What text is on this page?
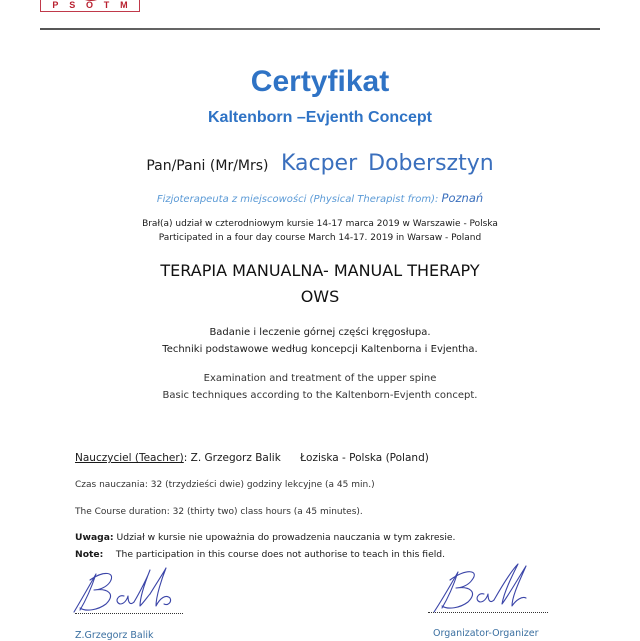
P S O T M
Certyfikat
Kaltenborn –Evjenth Concept
Pan/Pani (Mr/Mrs) Kacper Dobersztyn
Fizjoterapeuta z miejscowości (Physical Therapist from): Poznań
Brał(a) udział w czterodniowym kursie 14-17 marca 2019 w Warszawie - Polska
Participated in a four day course March 14-17. 2019 in Warsaw - Poland
TERAPIA MANUALNA- MANUAL THERAPY
OWS
Badanie i leczenie górnej części kręgosłupa.
Techniki podstawowe według koncepcji Kaltenborna i Evjentha.
Examination and treatment of the upper spine
Basic techniques according to the Kaltenborn-Evjenth concept.
Nauczyciel (Teacher): Z. Grzegorz Balik Łoziska - Polska (Poland)
Czas nauczania: 32 (trzydzieści dwie) godziny lekcyjne (a 45 min.)
The Course duration: 32 (thirty two) class hours (a 45 minutes).
Uwaga: Udział w kursie nie upoważnia do prowadzenia nauczania w tym zakresie.
Note: The participation in this course does not authorise to teach in this field.
Z.Grzegorz Balik	Organizator-Organizer
